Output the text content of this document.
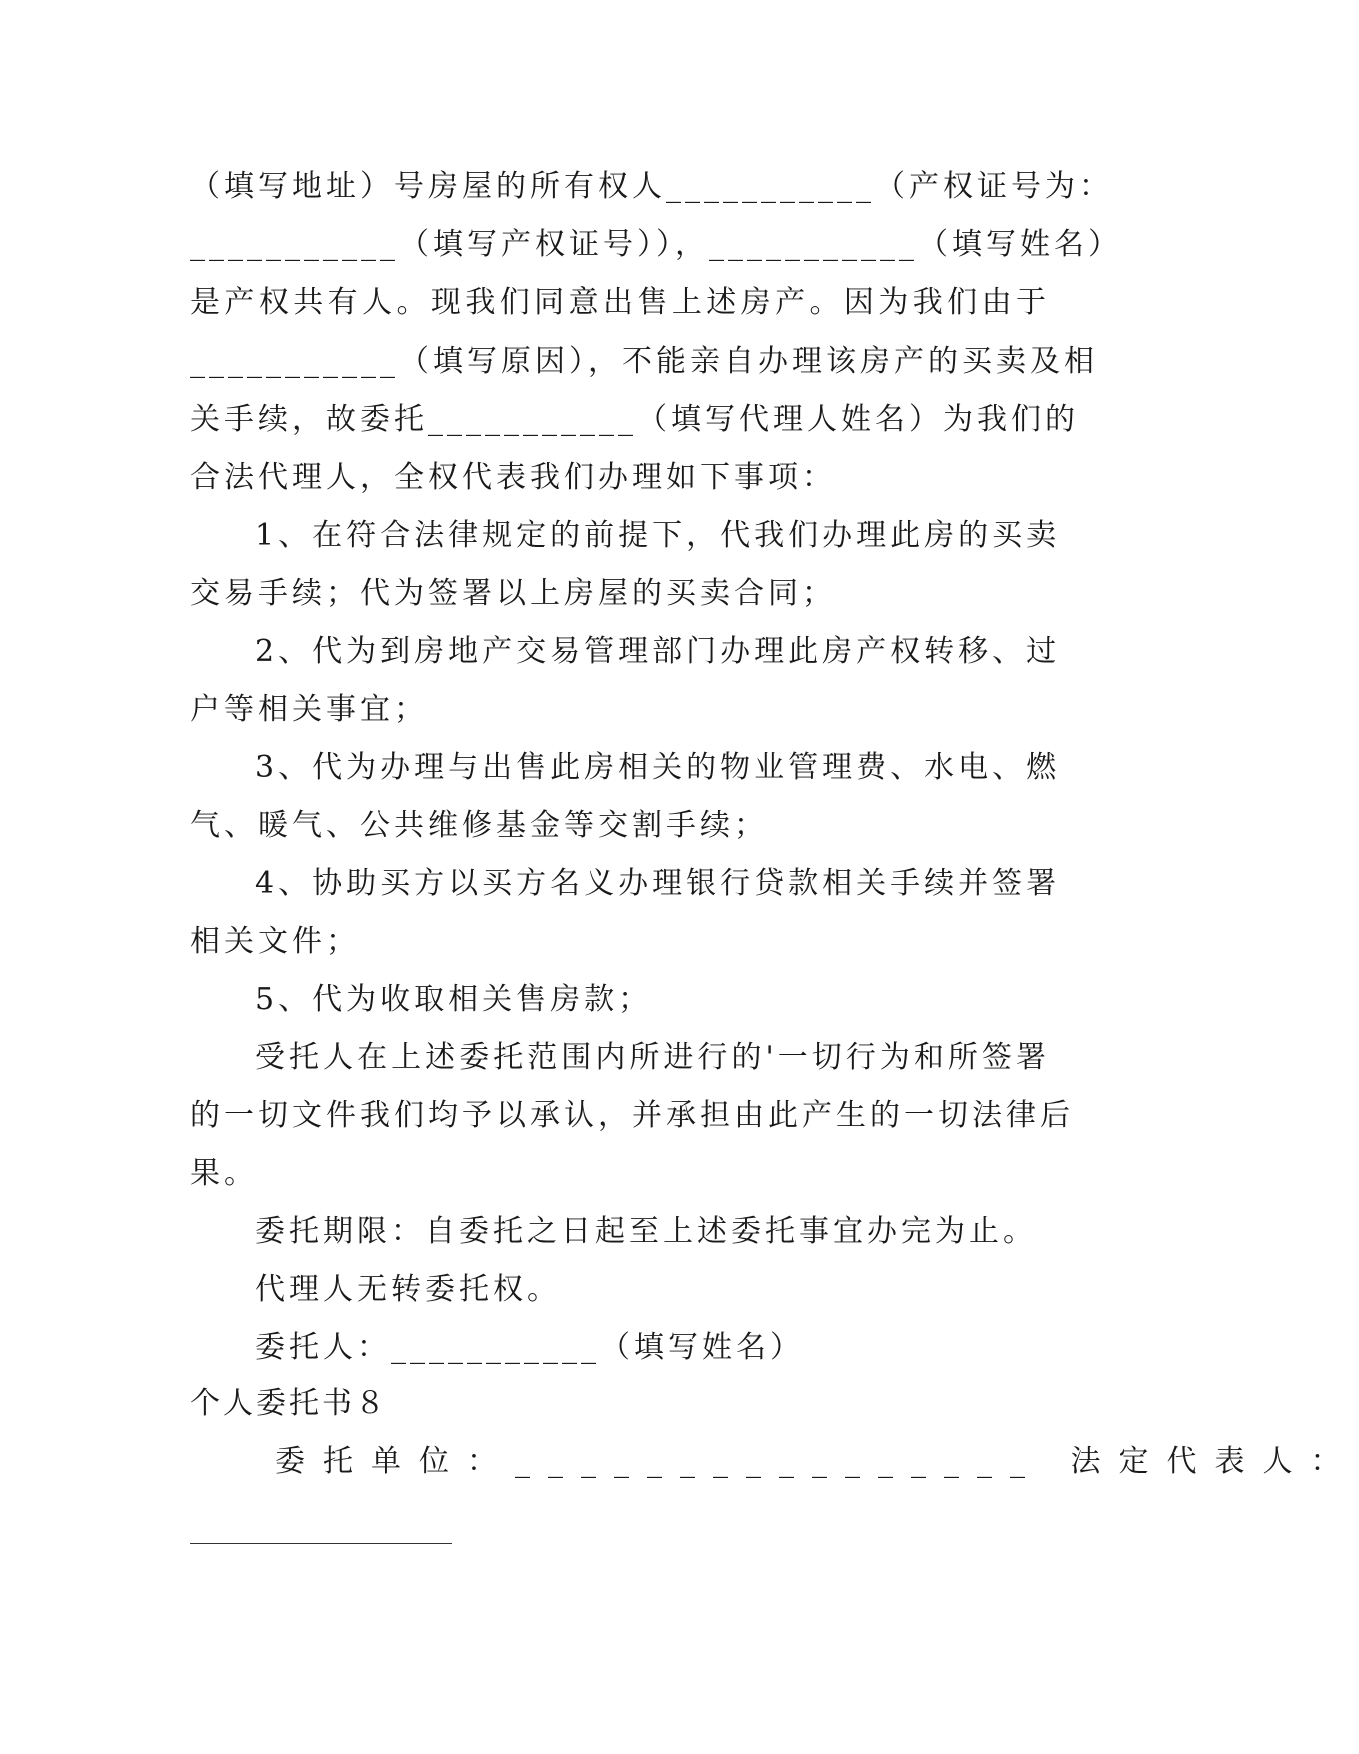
（填写地址）号房屋的所有权人___________（产权证号为：
___________（填写产权证号）），___________（填写姓名）
是产权共有人。现我们同意出售上述房产。因为我们由于
___________（填写原因），不能亲自办理该房产的买卖及相
关手续，故委托___________（填写代理人姓名）为我们的
合法代理人，全权代表我们办理如下事项：
1、在符合法律规定的前提下，代我们办理此房的买卖
交易手续；代为签署以上房屋的买卖合同；
2、代为到房地产交易管理部门办理此房产权转移、过
户等相关事宜；
3、代为办理与出售此房相关的物业管理费、水电、燃
气、暖气、公共维修基金等交割手续；
4、协助买方以买方名义办理银行贷款相关手续并签署
相关文件；
5、代为收取相关售房款；
受托人在上述委托范围内所进行的'一切行为和所签署
的一切文件我们均予以承认，并承担由此产生的一切法律后
果。
委托期限：自委托之日起至上述委托事宜办完为止。
代理人无转委托权。
委托人：___________（填写姓名）
个人委托书８
委托单位：________________ 法定代表人：
